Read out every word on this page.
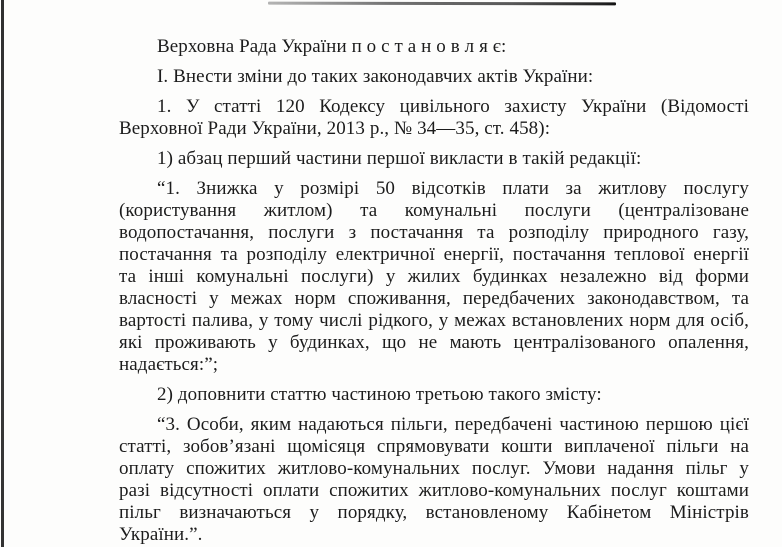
Верховна Рада України п о с т а н о в л я є:
І. Внести зміни до таких законодавчих актів України:
1. У статті 120 Кодексу цивільного захисту України (Відомості
Верховної Ради України, 2013 р., № 34—35, ст. 458):
1) абзац перший частини першої викласти в такій редакції:
“1. Знижка у розмірі 50 відсотків плати за житлову послугу
(користування житлом) та комунальні послуги (централізоване
водопостачання, послуги з постачання та розподілу природного газу,
постачання та розподілу електричної енергії, постачання теплової енергії
та інші комунальні послуги) у жилих будинках незалежно від форми
власності у межах норм споживання, передбачених законодавством, та
вартості палива, у тому числі рідкого, у межах встановлених норм для осіб,
які проживають у будинках, що не мають централізованого опалення,
надається:”;
2) доповнити статтю частиною третьою такого змісту:
“3. Особи, яким надаються пільги, передбачені частиною першою цієї
статті, зобов’язані щомісяця спрямовувати кошти виплаченої пільги на
оплату спожитих житлово-комунальних послуг. Умови надання пільг у
разі відсутності оплати спожитих житлово-комунальних послуг коштами
пільг визначаються у порядку, встановленому Кабінетом Міністрів
України.”.
